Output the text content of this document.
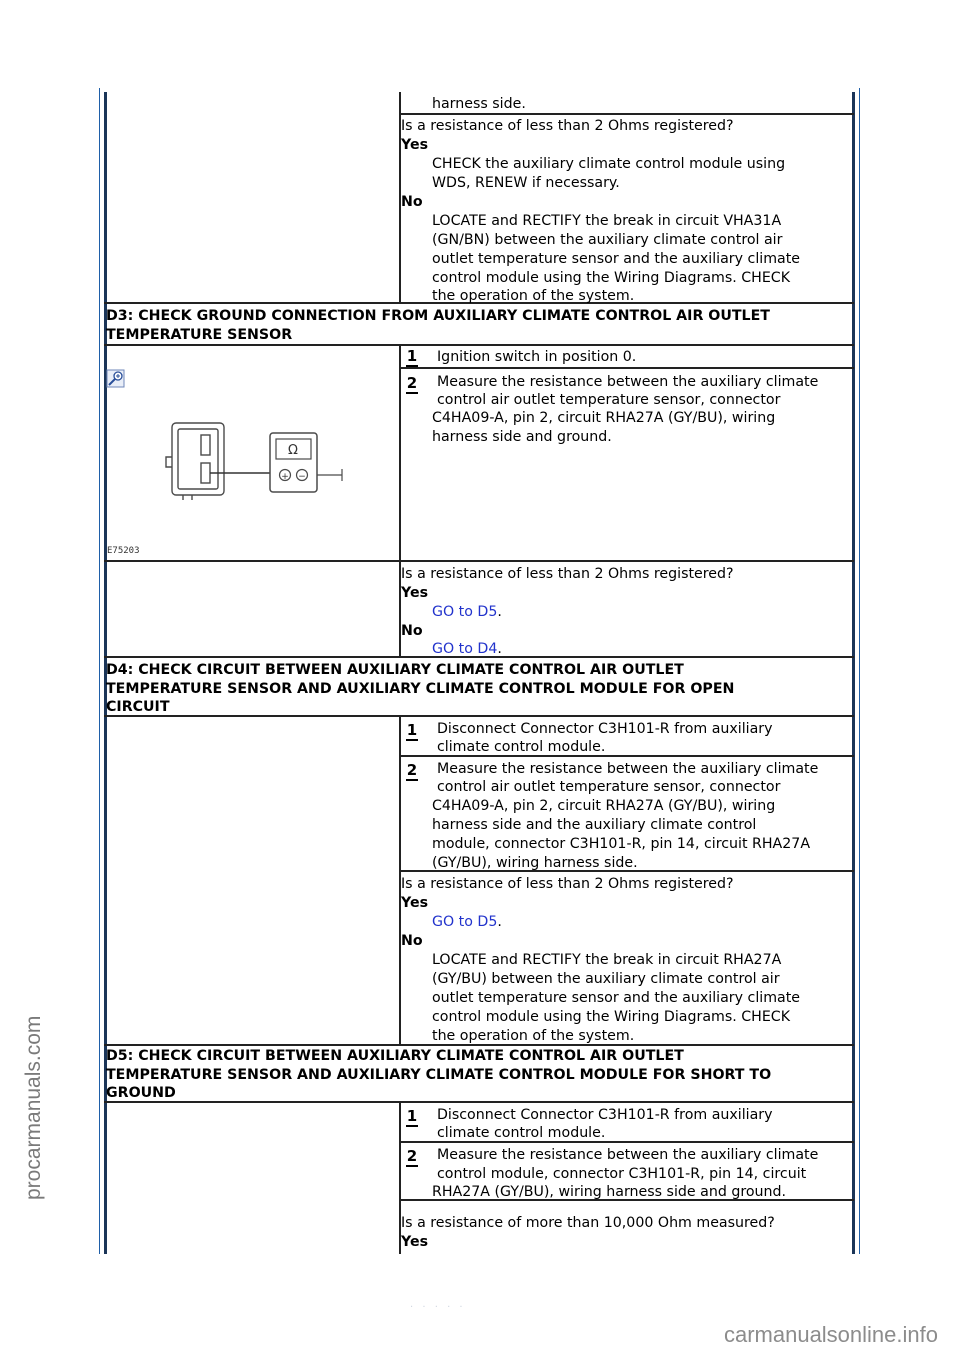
procarmanuals.com
carmanualsonline.info
· · · · ·
harness side.
Is a resistance of less than 2 Ohms registered?
Yes
CHECK the auxiliary climate control module using
WDS, RENEW if necessary.
No
LOCATE and RECTIFY the break in circuit VHA31A
(GN/BN) between the auxiliary climate control air
outlet temperature sensor and the auxiliary climate
control module using the Wiring Diagrams. CHECK
the operation of the system.
D3: CHECK GROUND CONNECTION FROM AUXILIARY CLIMATE CONTROL AIR OUTLET
TEMPERATURE SENSOR
1 Ignition switch in position 0.
2 Measure the resistance between the auxiliary climate
control air outlet temperature sensor, connector
C4HA09-A, pin 2, circuit RHA27A (GY/BU), wiring
harness side and ground.
Ω
+ −
E75203
Is a resistance of less than 2 Ohms registered?
Yes
GO to D5.
No
GO to D4.
D4: CHECK CIRCUIT BETWEEN AUXILIARY CLIMATE CONTROL AIR OUTLET
TEMPERATURE SENSOR AND AUXILIARY CLIMATE CONTROL MODULE FOR OPEN
CIRCUIT
1 Disconnect Connector C3H101-R from auxiliary
climate control module.
2 Measure the resistance between the auxiliary climate
control air outlet temperature sensor, connector
C4HA09-A, pin 2, circuit RHA27A (GY/BU), wiring
harness side and the auxiliary climate control
module, connector C3H101-R, pin 14, circuit RHA27A
(GY/BU), wiring harness side.
Is a resistance of less than 2 Ohms registered?
Yes
GO to D5.
No
LOCATE and RECTIFY the break in circuit RHA27A
(GY/BU) between the auxiliary climate control air
outlet temperature sensor and the auxiliary climate
control module using the Wiring Diagrams. CHECK
the operation of the system.
D5: CHECK CIRCUIT BETWEEN AUXILIARY CLIMATE CONTROL AIR OUTLET
TEMPERATURE SENSOR AND AUXILIARY CLIMATE CONTROL MODULE FOR SHORT TO
GROUND
1 Disconnect Connector C3H101-R from auxiliary
climate control module.
2 Measure the resistance between the auxiliary climate
control module, connector C3H101-R, pin 14, circuit
RHA27A (GY/BU), wiring harness side and ground.
Is a resistance of more than 10,000 Ohm measured?
Yes
